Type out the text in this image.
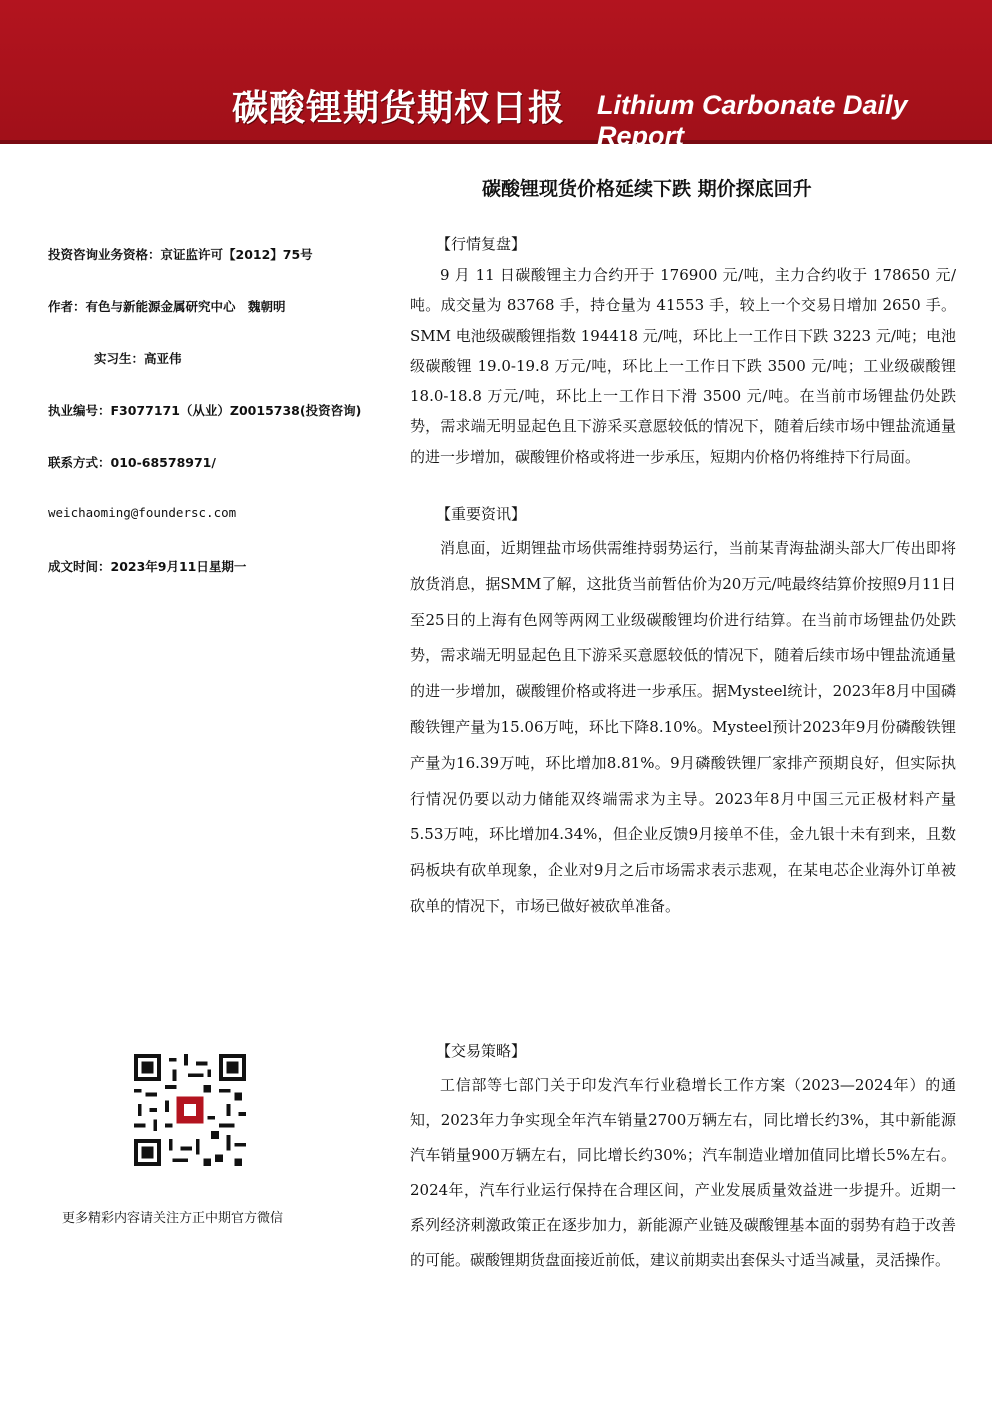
碳酸锂期货期权日报 Lithium Carbonate Daily Report
碳酸锂现货价格延续下跌 期价探底回升
投资咨询业务资格：京证监许可【2012】75号
作者：有色与新能源金属研究中心　魏朝明
实习生：高亚伟
执业编号：F3077171（从业）Z0015738(投资咨询)
联系方式：010-68578971/
weichaoming@foundersc.com
成文时间：2023年9月11日星期一
【行情复盘】

9 月 11 日碳酸锂主力合约开于 176900 元/吨，主力合约收于 178650 元/吨。成交量为 83768 手，持仓量为 41553 手，较上一个交易日增加 2650 手。SMM 电池级碳酸锂指数 194418 元/吨，环比上一工作日下跌 3223 元/吨；电池级碳酸锂 19.0-19.8 万元/吨，环比上一工作日下跌 3500 元/吨；工业级碳酸锂 18.0-18.8 万元/吨，环比上一工作日下滑 3500 元/吨。在当前市场锂盐仍处跌势，需求端无明显起色且下游采买意愿较低的情况下，随着后续市场中锂盐流通量的进一步增加，碳酸锂价格或将进一步承压，短期内价格仍将维持下行局面。

【重要资讯】

消息面，近期锂盐市场供需维持弱势运行，当前某青海盐湖头部大厂传出即将放货消息，据SMM了解，这批货当前暂估价为20万元/吨最终结算价按照9月11日至25日的上海有色网等两网工业级碳酸锂均价进行结算。在当前市场锂盐仍处跌势，需求端无明显起色且下游采买意愿较低的情况下，随着后续市场中锂盐流通量的进一步增加，碳酸锂价格或将进一步承压。据Mysteel统计，2023年8月中国磷酸铁锂产量为15.06万吨，环比下降8.10%。Mysteel预计2023年9月份磷酸铁锂产量为16.39万吨，环比增加8.81%。9月磷酸铁锂厂家排产预期良好，但实际执行情况仍要以动力储能双终端需求为主导。2023年8月中国三元正极材料产量5.53万吨，环比增加4.34%，但企业反馈9月接单不佳，金九银十未有到来，且数码板块有砍单现象，企业对9月之后市场需求表示悲观，在某电芯企业海外订单被砍单的情况下，市场已做好被砍单准备。

【交易策略】

工信部等七部门关于印发汽车行业稳增长工作方案（2023—2024年）的通知，2023年力争实现全年汽车销量2700万辆左右，同比增长约3%，其中新能源汽车销量900万辆左右，同比增长约30%；汽车制造业增加值同比增长5%左右。2024年，汽车行业运行保持在合理区间，产业发展质量效益进一步提升。近期一系列经济刺激政策正在逐步加力，新能源产业链及碳酸锂基本面的弱势有趋于改善的可能。碳酸锂期货盘面接近前低，建议前期卖出套保头寸适当减量，灵活操作。

更多精彩内容请关注方正中期官方微信
